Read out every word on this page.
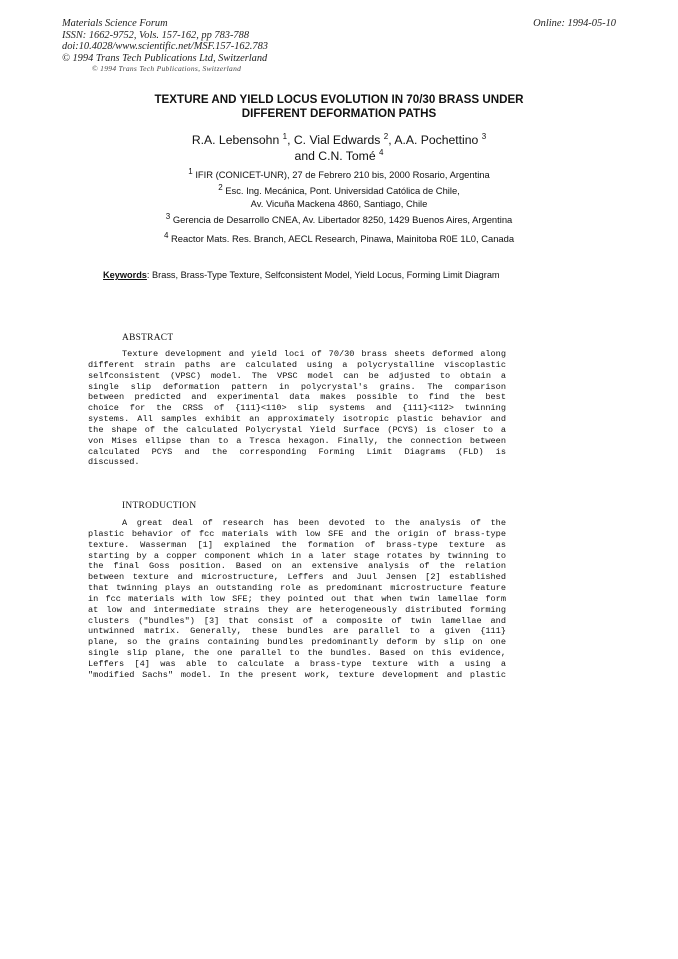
Materials Science Forum
ISSN: 1662-9752, Vols. 157-162, pp 783-788
doi:10.4028/www.scientific.net/MSF.157-162.783
© 1994 Trans Tech Publications Ltd, Switzerland
Online: 1994-05-10
© 1994 Trans Tech Publications, Switzerland
TEXTURE AND YIELD LOCUS EVOLUTION IN 70/30 BRASS UNDER
DIFFERENT DEFORMATION PATHS
R.A. Lebensohn $^1$, C. Vial Edwards $^2$, A.A. Pochettino $^3$
and C.N. Tomé $^4$
$^1$ IFIR (CONICET-UNR), 27 de Febrero 210 bis, 2000 Rosario, Argentina
$^2$ Esc. Ing. Mecánica, Pont. Universidad Católica de Chile,
Av. Vicuña Mackena 4860, Santiago, Chile
$^3$ Gerencia de Desarrollo CNEA, Av. Libertador 8250, 1429 Buenos Aires, Argentina
$^4$ Reactor Mats. Res. Branch, AECL Research, Pinawa, Mainitoba R0E 1L0, Canada
Keywords: Brass, Brass-Type Texture, Selfconsistent Model, Yield Locus, Forming Limit Diagram
ABSTRACT
Texture development and yield loci of 70/30 brass sheets deformed along
different strain paths are calculated using a polycrystalline viscoplastic
selfconsistent (VPSC) model. The VPSC model can be adjusted to obtain a
single slip deformation pattern in polycrystal's grains. The comparison
between predicted and experimental data makes possible to find the best
choice for the CRSS of {111}<110> slip systems and {111}<112> twinning
systems. All samples exhibit an approximately isotropic plastic behavior and
the shape of the calculated Polycrystal Yield Surface (PCYS) is closer to a
von Mises ellipse than to a Tresca hexagon. Finally, the connection between
calculated PCYS and the corresponding Forming Limit Diagrams (FLD) is
discussed.
INTRODUCTION
A great deal of research has been devoted to the analysis of the
plastic behavior of fcc materials with low SFE and the origin of brass-type
texture. Wasserman [1] explained the formation of brass-type texture as
starting by a copper component which in a later stage rotates by twinning to
the final Goss position. Based on an extensive analysis of the relation
between texture and microstructure, Leffers and Juul Jensen [2] established
that twinning plays an outstanding role as predominant microstructure feature
in fcc materials with low SFE; they pointed out that when twin lamellae form
at low and intermediate strains they are heterogeneously distributed forming
clusters ("bundles") [3] that consist of a composite of twin lamellae and
untwinned matrix. Generally, these bundles are parallel to a given {111}
plane, so the grains containing bundles predominantly deform by slip on one
single slip plane, the one parallel to the bundles. Based on this evidence,
Leffers [4] was able to calculate a brass-type texture with a using a
"modified Sachs" model. In the present work, texture development and plastic
